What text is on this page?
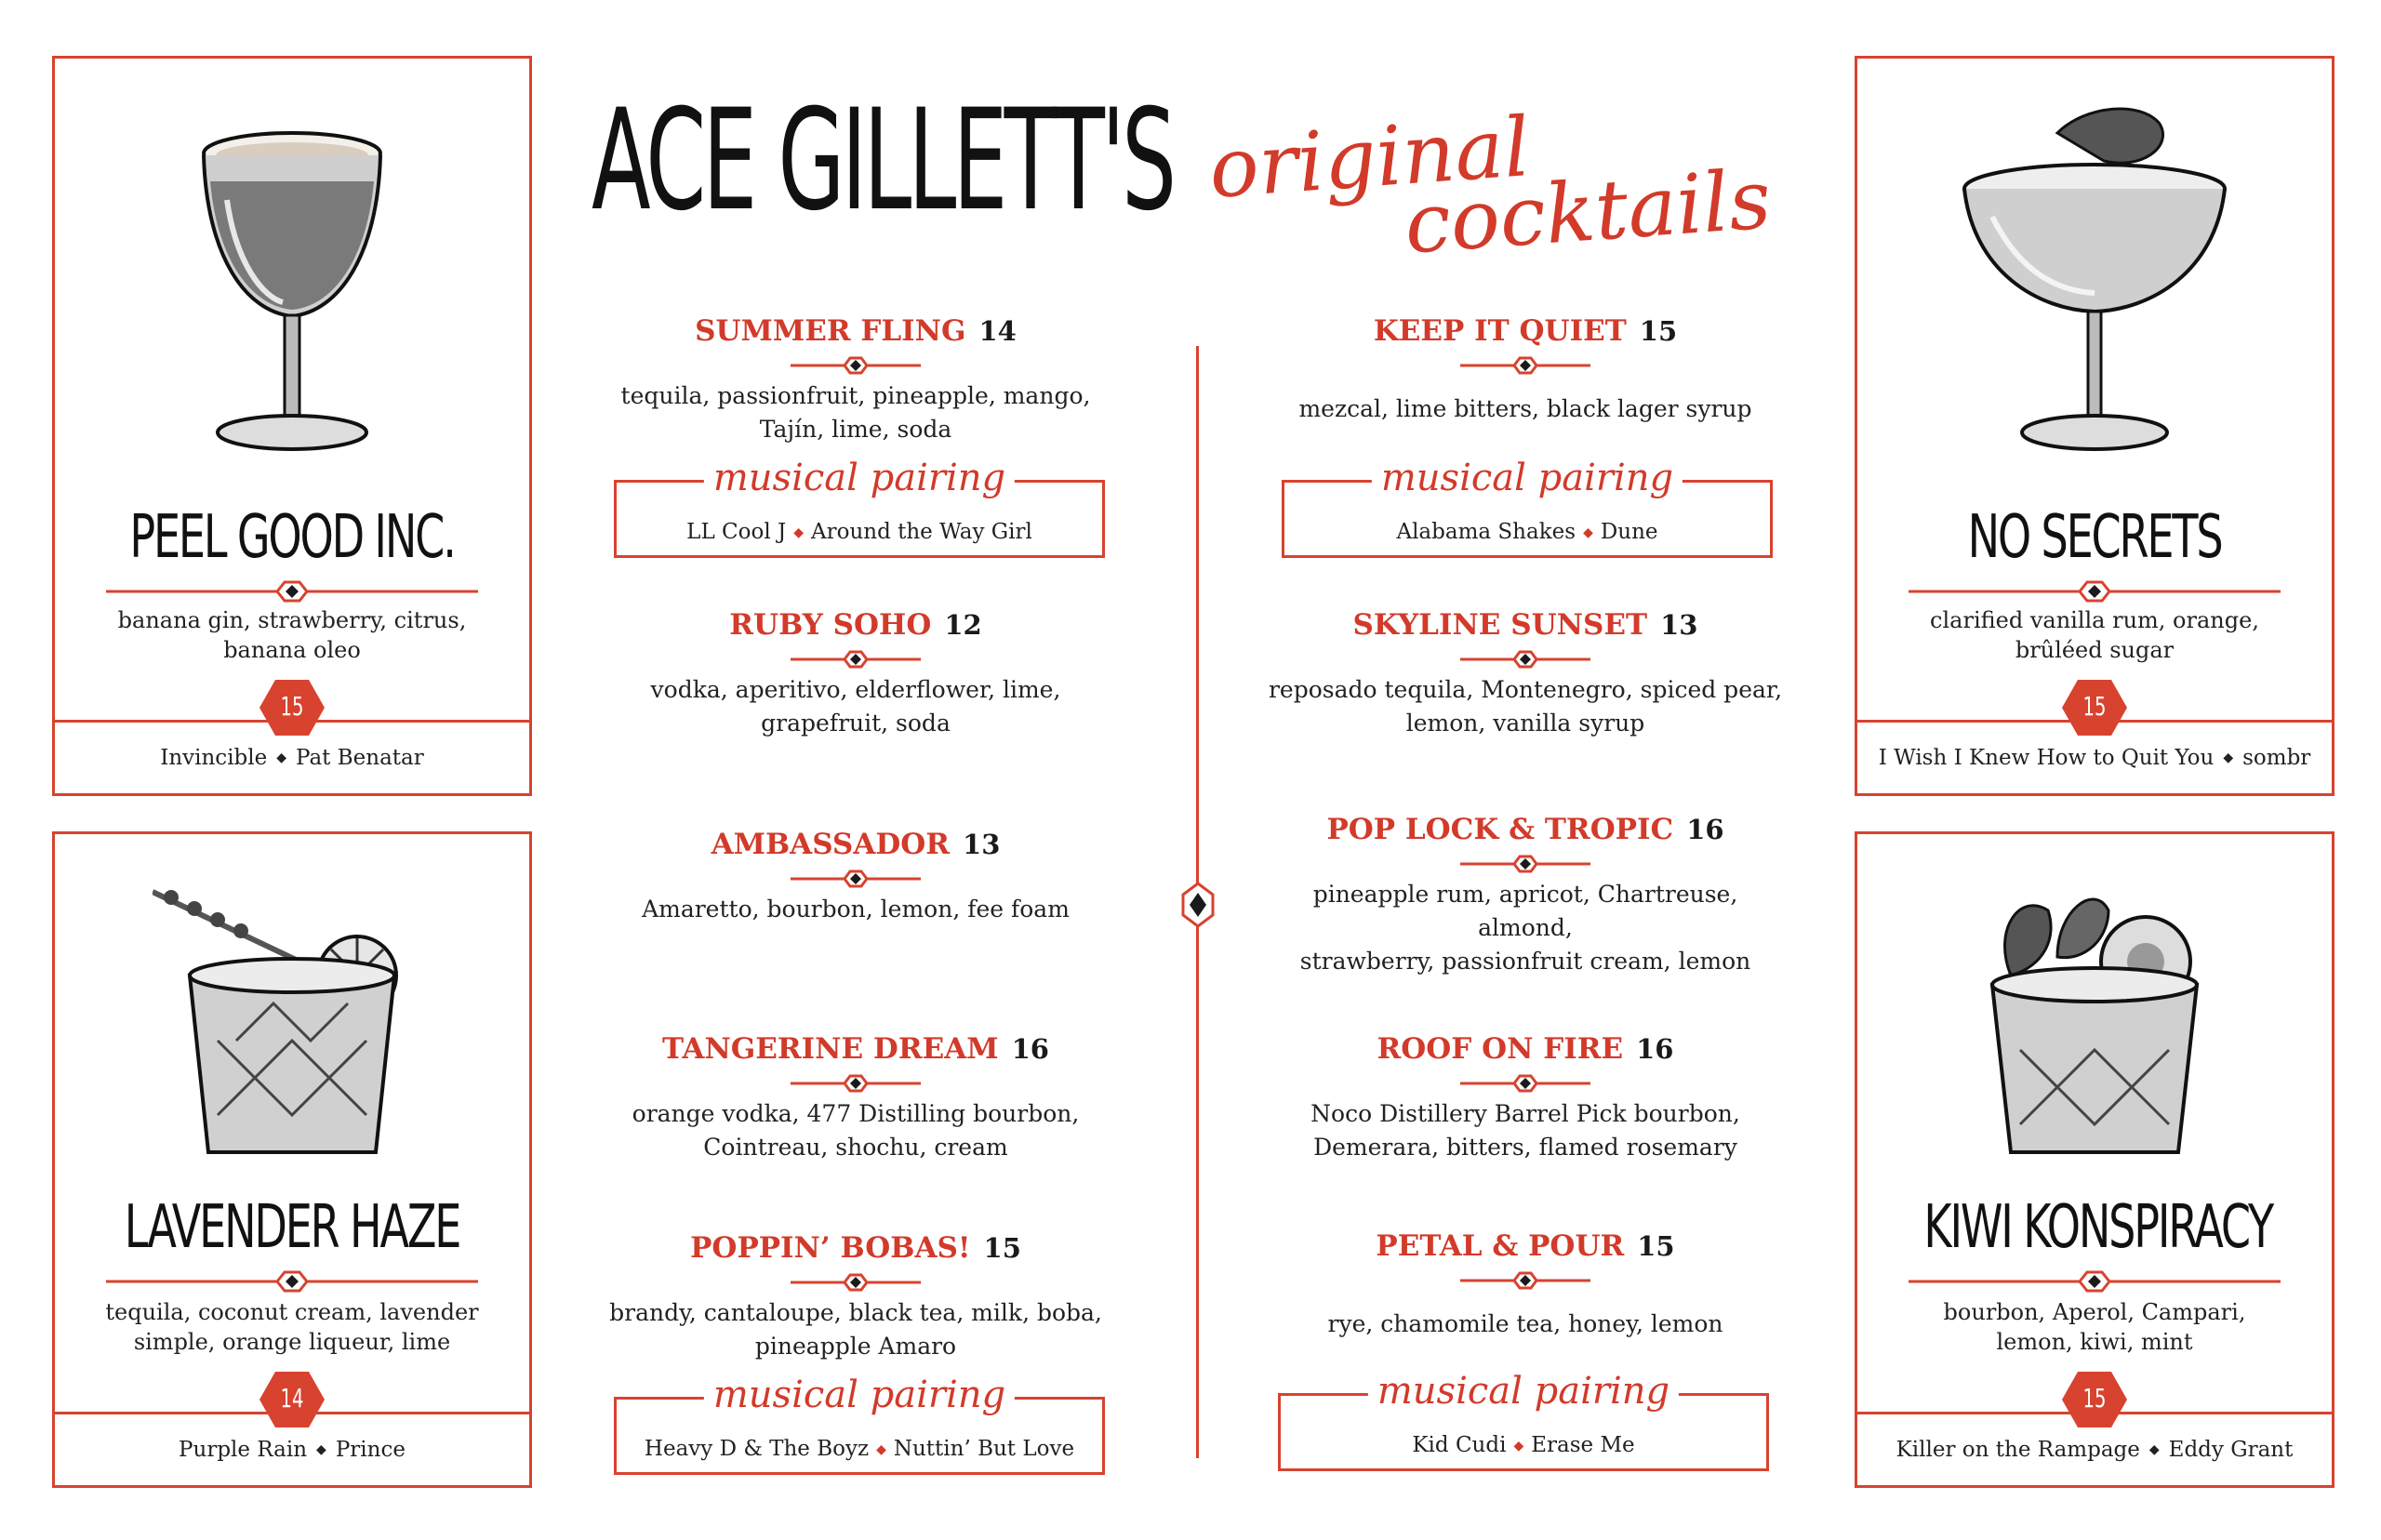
ACE GILLETT'S original
cocktails
PEEL GOOD INC.
banana gin, strawberry, citrus,
banana oleo
15
Invincible ◆ Pat Benatar
LAVENDER HAZE
tequila, coconut cream, lavender
simple, orange liqueur, lime
14
Purple Rain ◆ Prince
NO SECRETS
clarified vanilla rum, orange,
brûléed sugar
15
I Wish I Knew How to Quit You ◆ sombr
KIWI KONSPIRACY
bourbon, Aperol, Campari,
lemon, kiwi, mint
15
Killer on the Rampage ◆ Eddy Grant
SUMMER FLING 14
tequila, passionfruit, pineapple, mango,
Tajín, lime, soda
musical pairing
LL Cool J ◆ Around the Way Girl
RUBY SOHO 12
vodka, aperitivo, elderflower, lime,
grapefruit, soda
AMBASSADOR 13
Amaretto, bourbon, lemon, fee foam
TANGERINE DREAM 16
orange vodka, 477 Distilling bourbon,
Cointreau, shochu, cream
POPPIN’ BOBAS! 15
brandy, cantaloupe, black tea, milk, boba,
pineapple Amaro
musical pairing
Heavy D & The Boyz ◆ Nuttin’ But Love
KEEP IT QUIET 15
mezcal, lime bitters, black lager syrup
musical pairing
Alabama Shakes ◆ Dune
SKYLINE SUNSET 13
reposado tequila, Montenegro, spiced pear,
lemon, vanilla syrup
POP LOCK & TROPIC 16
pineapple rum, apricot, Chartreuse, almond,
strawberry, passionfruit cream, lemon
ROOF ON FIRE 16
Noco Distillery Barrel Pick bourbon,
Demerara, bitters, flamed rosemary
PETAL & POUR 15
rye, chamomile tea, honey, lemon
musical pairing
Kid Cudi ◆ Erase Me
